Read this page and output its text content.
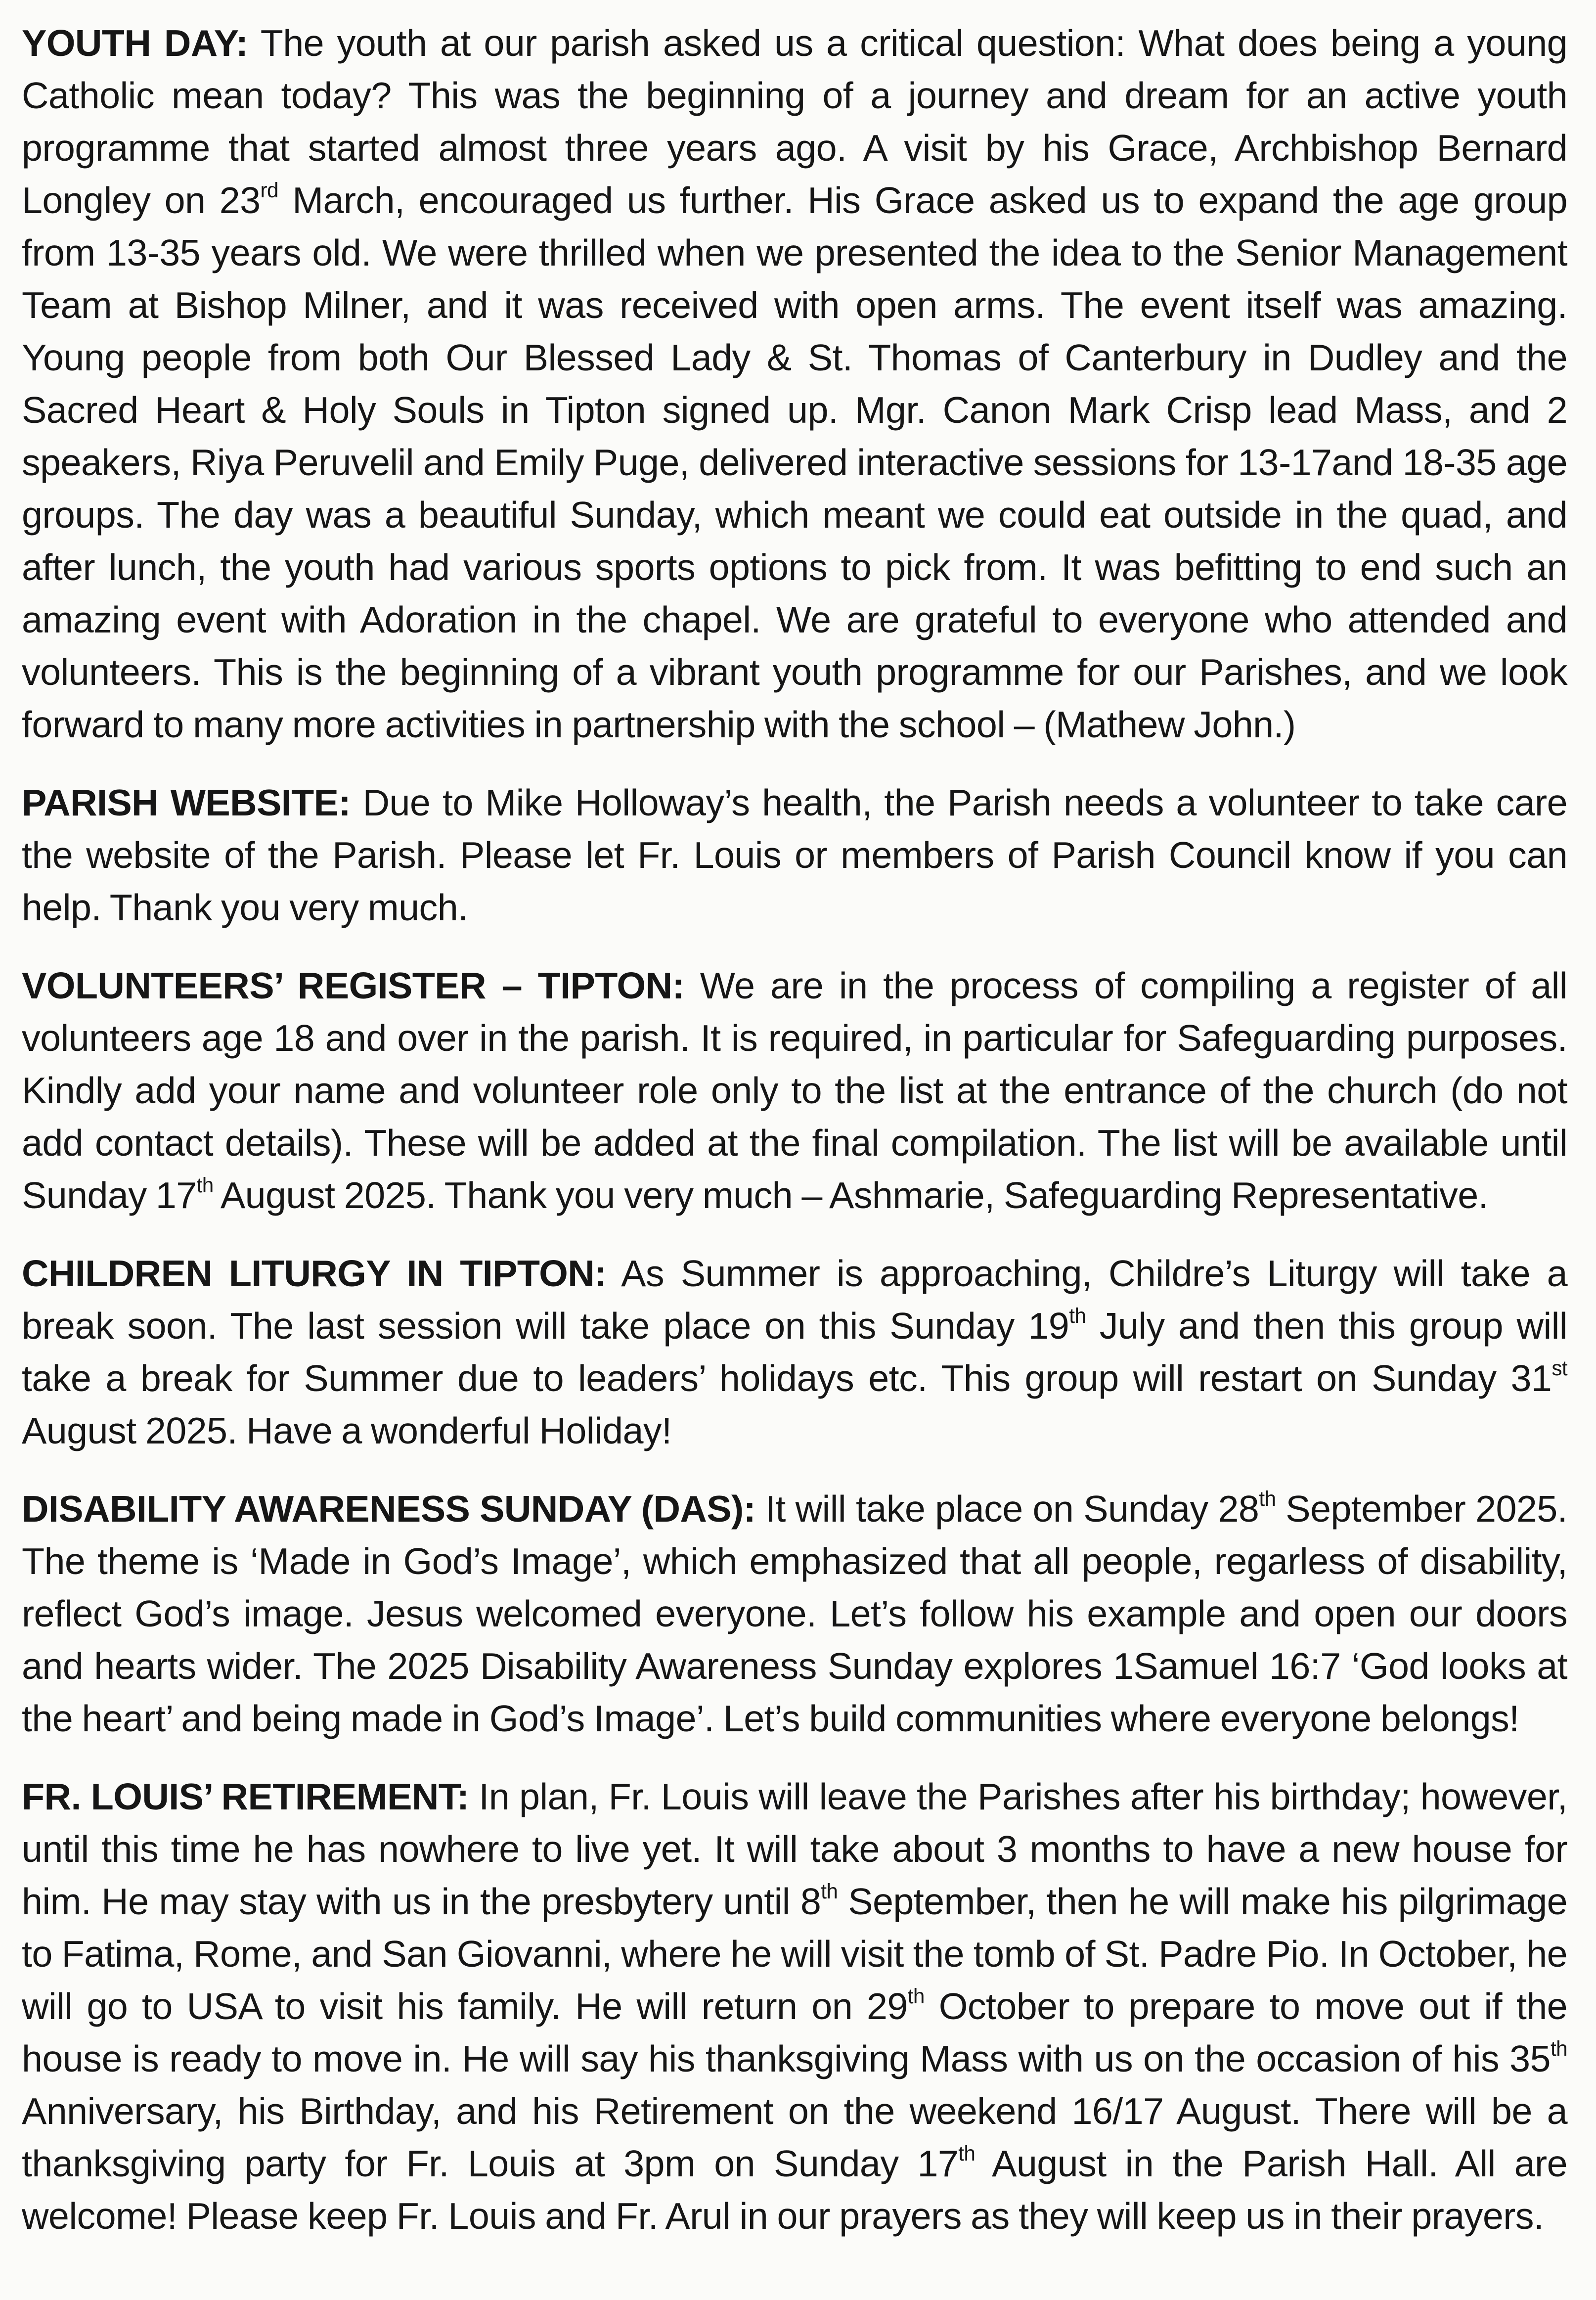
YOUTH DAY: The youth at our parish asked us a critical question: What does being a young Catholic mean today? This was the beginning of a journey and dream for an active youth programme that started almost three years ago. A visit by his Grace, Archbishop Bernard Longley on 23rd March, encouraged us further. His Grace asked us to expand the age group from 13-35 years old. We were thrilled when we presented the idea to the Senior Management Team at Bishop Milner, and it was received with open arms. The event itself was amazing. Young people from both Our Blessed Lady & St. Thomas of Canterbury in Dudley and the Sacred Heart & Holy Souls in Tipton signed up. Mgr. Canon Mark Crisp lead Mass, and 2 speakers, Riya Peruvelil and Emily Puge, delivered interactive sessions for 13-17and 18-35 age groups. The day was a beautiful Sunday, which meant we could eat outside in the quad, and after lunch, the youth had various sports options to pick from. It was befitting to end such an amazing event with Adoration in the chapel. We are grateful to everyone who attended and volunteers. This is the beginning of a vibrant youth programme for our Parishes, and we look forward to many more activities in partnership with the school – (Mathew John.)

PARISH WEBSITE: Due to Mike Holloway’s health, the Parish needs a volunteer to take care the website of the Parish. Please let Fr. Louis or members of Parish Council know if you can help. Thank you very much.

VOLUNTEERS’ REGISTER – TIPTON: We are in the process of compiling a register of all volunteers age 18 and over in the parish. It is required, in particular for Safeguarding purposes. Kindly add your name and volunteer role only to the list at the entrance of the church (do not add contact details). These will be added at the final compilation. The list will be available until Sunday 17th August 2025. Thank you very much – Ashmarie, Safeguarding Representative.

CHILDREN LITURGY IN TIPTON: As Summer is approaching, Childre’s Liturgy will take a break soon. The last session will take place on this Sunday 19th July and then this group will take a break for Summer due to leaders’ holidays etc. This group will restart on Sunday 31st August 2025. Have a wonderful Holiday!

DISABILITY AWARENESS SUNDAY (DAS): It will take place on Sunday 28th September 2025. The theme is ‘Made in God’s Image’, which emphasized that all people, regarless of disability, reflect God’s image. Jesus welcomed everyone. Let’s follow his example and open our doors and hearts wider. The 2025 Disability Awareness Sunday explores 1Samuel 16:7 ‘God looks at the heart’ and being made in God’s Image’. Let’s build communities where everyone belongs!

FR. LOUIS’ RETIREMENT: In plan, Fr. Louis will leave the Parishes after his birthday; however, until this time he has nowhere to live yet. It will take about 3 months to have a new house for him. He may stay with us in the presbytery until 8th September, then he will make his pilgrimage to Fatima, Rome, and San Giovanni, where he will visit the tomb of St. Padre Pio. In October, he will go to USA to visit his family. He will return on 29th October to prepare to move out if the house is ready to move in. He will say his thanksgiving Mass with us on the occasion of his 35th Anniversary, his Birthday, and his Retirement on the weekend 16/17 August. There will be a thanksgiving party for Fr. Louis at 3pm on Sunday 17th August in the Parish Hall. All are welcome! Please keep Fr. Louis and Fr. Arul in our prayers as they will keep us in their prayers.
